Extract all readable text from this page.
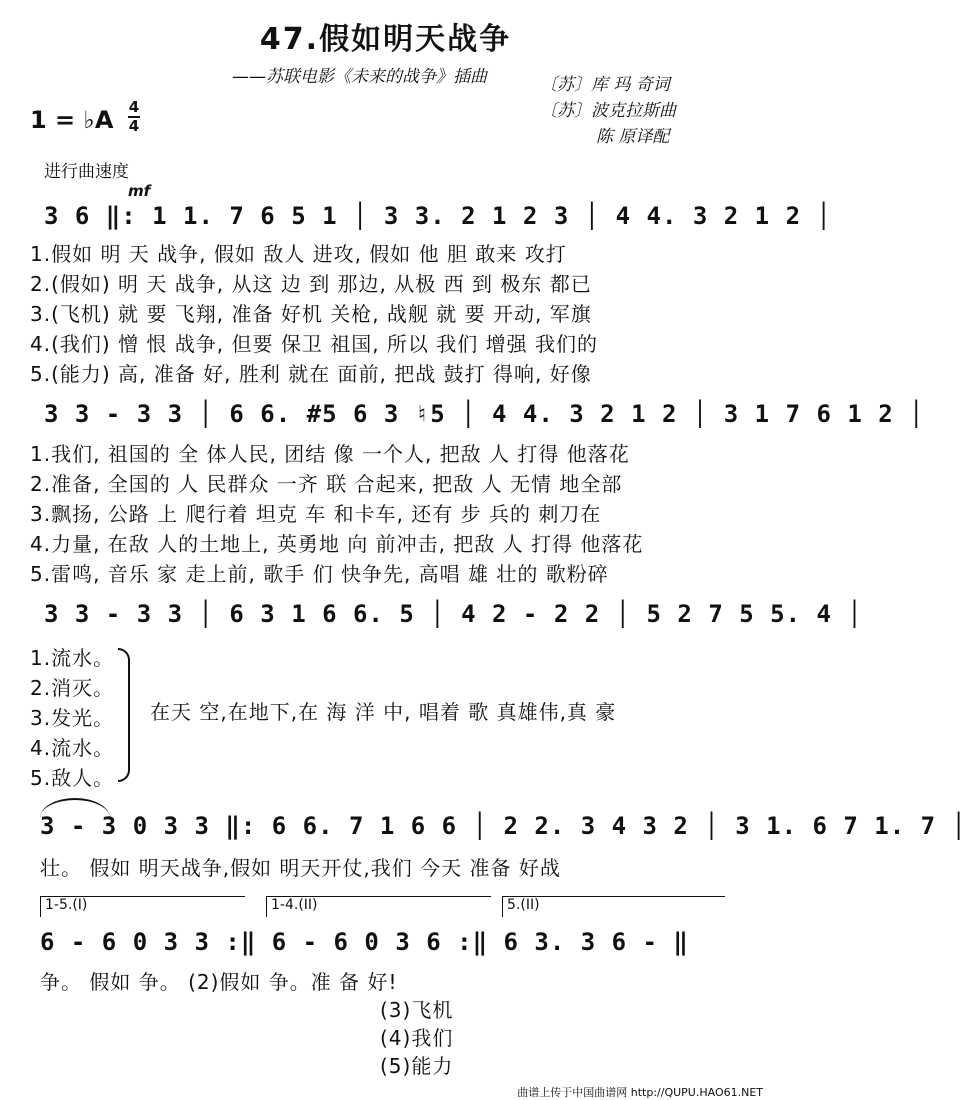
47.假如明天战争
——苏联电影《未来的战争》插曲	〔苏〕库 玛 奇词
〔苏〕波克拉斯曲
陈 原译配
1 = ♭A 4
4
进行曲速度
mf
3 6 ‖: 1 1. 7 6 5 1 │ 3 3. 2 1 2 3 │ 4 4. 3 2 1 2 │
1.假如 明 天 战争, 假如 敌人 进攻, 假如 他 胆 敢来 攻打
2.(假如) 明 天 战争, 从这 边 到 那边, 从极 西 到 极东 都已
3.(飞机) 就 要 飞翔, 准备 好机 关枪, 战舰 就 要 开动, 军旗
4.(我们) 憎 恨 战争, 但要 保卫 祖国, 所以 我们 增强 我们的
5.(能力) 高, 准备 好, 胜利 就在 面前, 把战 鼓打 得响, 好像
3 3 - 3 3 │ 6 6. #5 6 3 ♮5 │ 4 4. 3 2 1 2 │ 3 1 7 6 1 2 │
1.我们, 祖国的 全 体人民, 团结 像 一个人, 把敌 人 打得 他落花
2.准备, 全国的 人 民群众 一齐 联 合起来, 把敌 人 无情 地全部
3.飘扬, 公路 上 爬行着 坦克 车 和卡车, 还有 步 兵的 刺刀在
4.力量, 在敌 人的土地上, 英勇地 向 前冲击, 把敌 人 打得 他落花
5.雷鸣, 音乐 家 走上前, 歌手 们 快争先, 高唱 雄 壮的 歌粉碎
3 3 - 3 3 │ 6 3 1 6 6. 5 │ 4 2 - 2 2 │ 5 2 7 5 5. 4 │
1.流水。
2.消灭。
3.发光。
4.流水。
5.敌人。
在天 空,在地下,在 海 洋 中, 唱着 歌 真雄伟,真 豪
3 - 3 0 3 3 ‖: 6 6. 7 1 6 6 │ 2 2. 3 4 3 2 │ 3 1. 6 7 1. 7 │
壮。 假如 明天战争,假如 明天开仗,我们 今天 准备 好战
1-5.(I)	1-4.(II)	5.(II)
6 - 6 0 3 3 :‖ 6 - 6 0 3 6 :‖ 6 3. 3 6 - ‖
争。 假如 争。 (2)假如 争。准 备 好!
(3)飞机
(4)我们
(5)能力
曲谱上传于中国曲谱网 http://QUPU.HAO61.NET
